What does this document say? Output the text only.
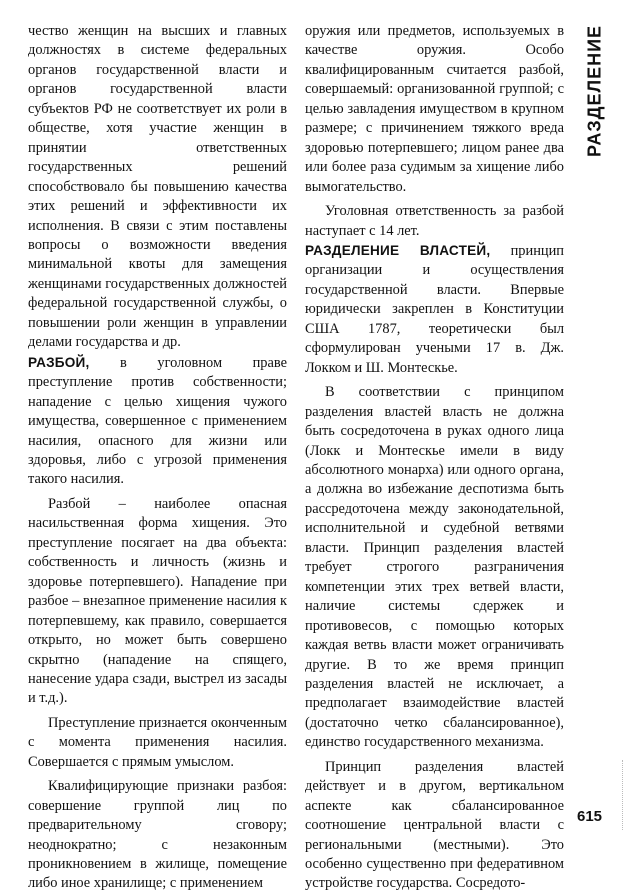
чество женщин на высших и главных должностях в системе федеральных органов государственной власти и органов государственной власти субъектов РФ не соответствует их роли в обществе, хотя участие женщин в принятии ответственных государственных решений способствовало бы повышению качества этих решений и эффективности их исполнения. В связи с этим поставлены вопросы о возможности введения минимальной квоты для замещения женщинами государственных должностей федеральной государственной службы, о повышении роли женщин в управлении делами государства и др.

РАЗБОЙ, в уголовном праве преступление против собственности; нападение с целью хищения чужого имущества, совершенное с применением насилия, опасного для жизни или здоровья, либо с угрозой применения такого насилия.

Разбой – наиболее опасная насильственная форма хищения. Это преступление посягает на два объекта: собственность и личность (жизнь и здоровье потерпевшего). Нападение при разбое – внезапное применение насилия к потерпевшему, как правило, совершается открыто, но может быть совершено скрытно (нападение на спящего, нанесение удара сзади, выстрел из засады и т.д.).

Преступление признается оконченным с момента применения насилия. Совершается с прямым умыслом.

Квалифицирующие признаки разбоя: совершение группой лиц по предварительному сговору; неоднократно; с незаконным проникновением в жилище, помещение либо иное хранилище; с применением

оружия или предметов, используемых в качестве оружия. Особо квалифицированным считается разбой, совершаемый: организованной группой; с целью завладения имуществом в крупном размере; с причинением тяжкого вреда здоровью потерпевшего; лицом ранее два или более раза судимым за хищение либо вымогательство.

Уголовная ответственность за разбой наступает с 14 лет.

РАЗДЕЛЕНИЕ ВЛАСТЕЙ, принцип организации и осуществления государственной власти. Впервые юридически закреплен в Конституции США 1787, теоретически был сформулирован учеными 17 в. Дж. Локком и Ш. Монтескье.

В соответствии с принципом разделения властей власть не должна быть сосредоточена в руках одного лица (Локк и Монтескье имели в виду абсолютного монарха) или одного органа, а должна во избежание деспотизма быть рассредоточена между законодательной, исполнительной и судебной ветвями власти. Принцип разделения властей требует строгого разграничения компетенции этих трех ветвей власти, наличие системы сдержек и противовесов, с помощью которых каждая ветвь власти может ограничивать другие. В то же время принцип разделения властей не исключает, а предполагает взаимодействие властей (достаточно четко сбалансированное), единство государственного механизма.

Принцип разделения властей действует и в другом, вертикальном аспекте как сбалансированное соотношение центральной власти с региональными (местными). Это особенно существенно при федеративном устройстве государства. Сосредото-

РАЗДЕЛЕНИЕ
615
